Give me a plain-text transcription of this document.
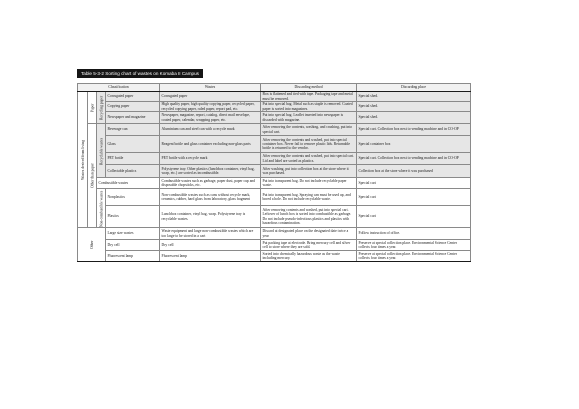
Table 5-3-2 Sorting chart of wastes on Komaba II Campus
Classification				Wastes	Discarding method	Discarding place
Wastes derived from living	Paper	Recycling paper	Corrugated paper	Corrugated paper	Box is flattened and tied with tape. Packaging tape and metal must be removed.	Special shed.
			Copying paper	High quality paper, high quality copying paper, recycled paper, recycled copying paper, ruled paper, report pad, etc.	Put into special bag. Metal such as staple is removed. Coated paper is sorted into magazines.	Special shed.
			Newspaper and magazine	Newspaper, magazine, report, catalog, direct mail envelope, coated paper, calendar, wrapping paper, etc.	Put into special bag. Leaflet inserted into newspaper is discarded with magazine.	Special shed.
	Other than paper	Recyclable wastes	Beverage can	Aluminium can and steel can with a recycle mark	After removing the contents, washing, and crushing, put into special cart.	Special cart. Collection box next to vending machine and in CO-OP
			Glass	Reagent bottle and glass container excluding non-glass parts	After removing the contents and washed, put into special container box. Never fail to remove plastic lids. Returnable bottle is returned to the vendor.	Special container box
			PET bottle	PET bottle with a recycle mark	After removing the contents and washed, put into special cart. Lid and label are sorted as plastics.	Special cart. Collection box next to vending machine and in CO-OP
			Collectable plastics	Polystyrene tray. Other plastics (lunchbox container, vinyl bag, wrap, etc.) are sorted as incombustible.	After washing, put into collection box at the store where it was purchased.	Collection box at the store where it was purchased
		Combustible wastes		Combustible wastes such as garbage, paper dust, paper cup and disposable chopsticks, etc.	Put into transparent bag. Do not include recyclable paper waste.	Special cart
		Non-combustible wastes	Nonplastics	Non-combustible wastes such as cans without recycle mark, ceramics, rubber, hard glass from laboratory, glass fragment	Put into transparent bag. Spraying can must be used up, and bored a hole. Do not include recyclable waste.	Special cart
			Plastics	Lunchbox container, vinyl bag, wrap. Polystyrene tray is recyclable wastes.	After removing contents and washed, put into special cart. Leftover of lunch box is sorted into combustible as garbage. Do not include pseudo-infectious plastics and plastics with hazardous contamination.	Special cart
Other			Large size wastes	Waste equipment and large non-combustible wastes which are too large to be stored in a cart	Discard at designated place on the designated date twice a year	Follow instruction of office.
			Dry cell	Dry cell	Put packing tape at electrode. Bring mercury cell and silver cell to store where they are sold.	Preserve at special collection place. Environmental Science Center collects four times a year.
			Fluorescent lamp	Fluorescent lamp	Sorted into chemically hazardous waste as the waste including mercury.	Preserve at special collection place. Environmental Science Center collects four times a year.
